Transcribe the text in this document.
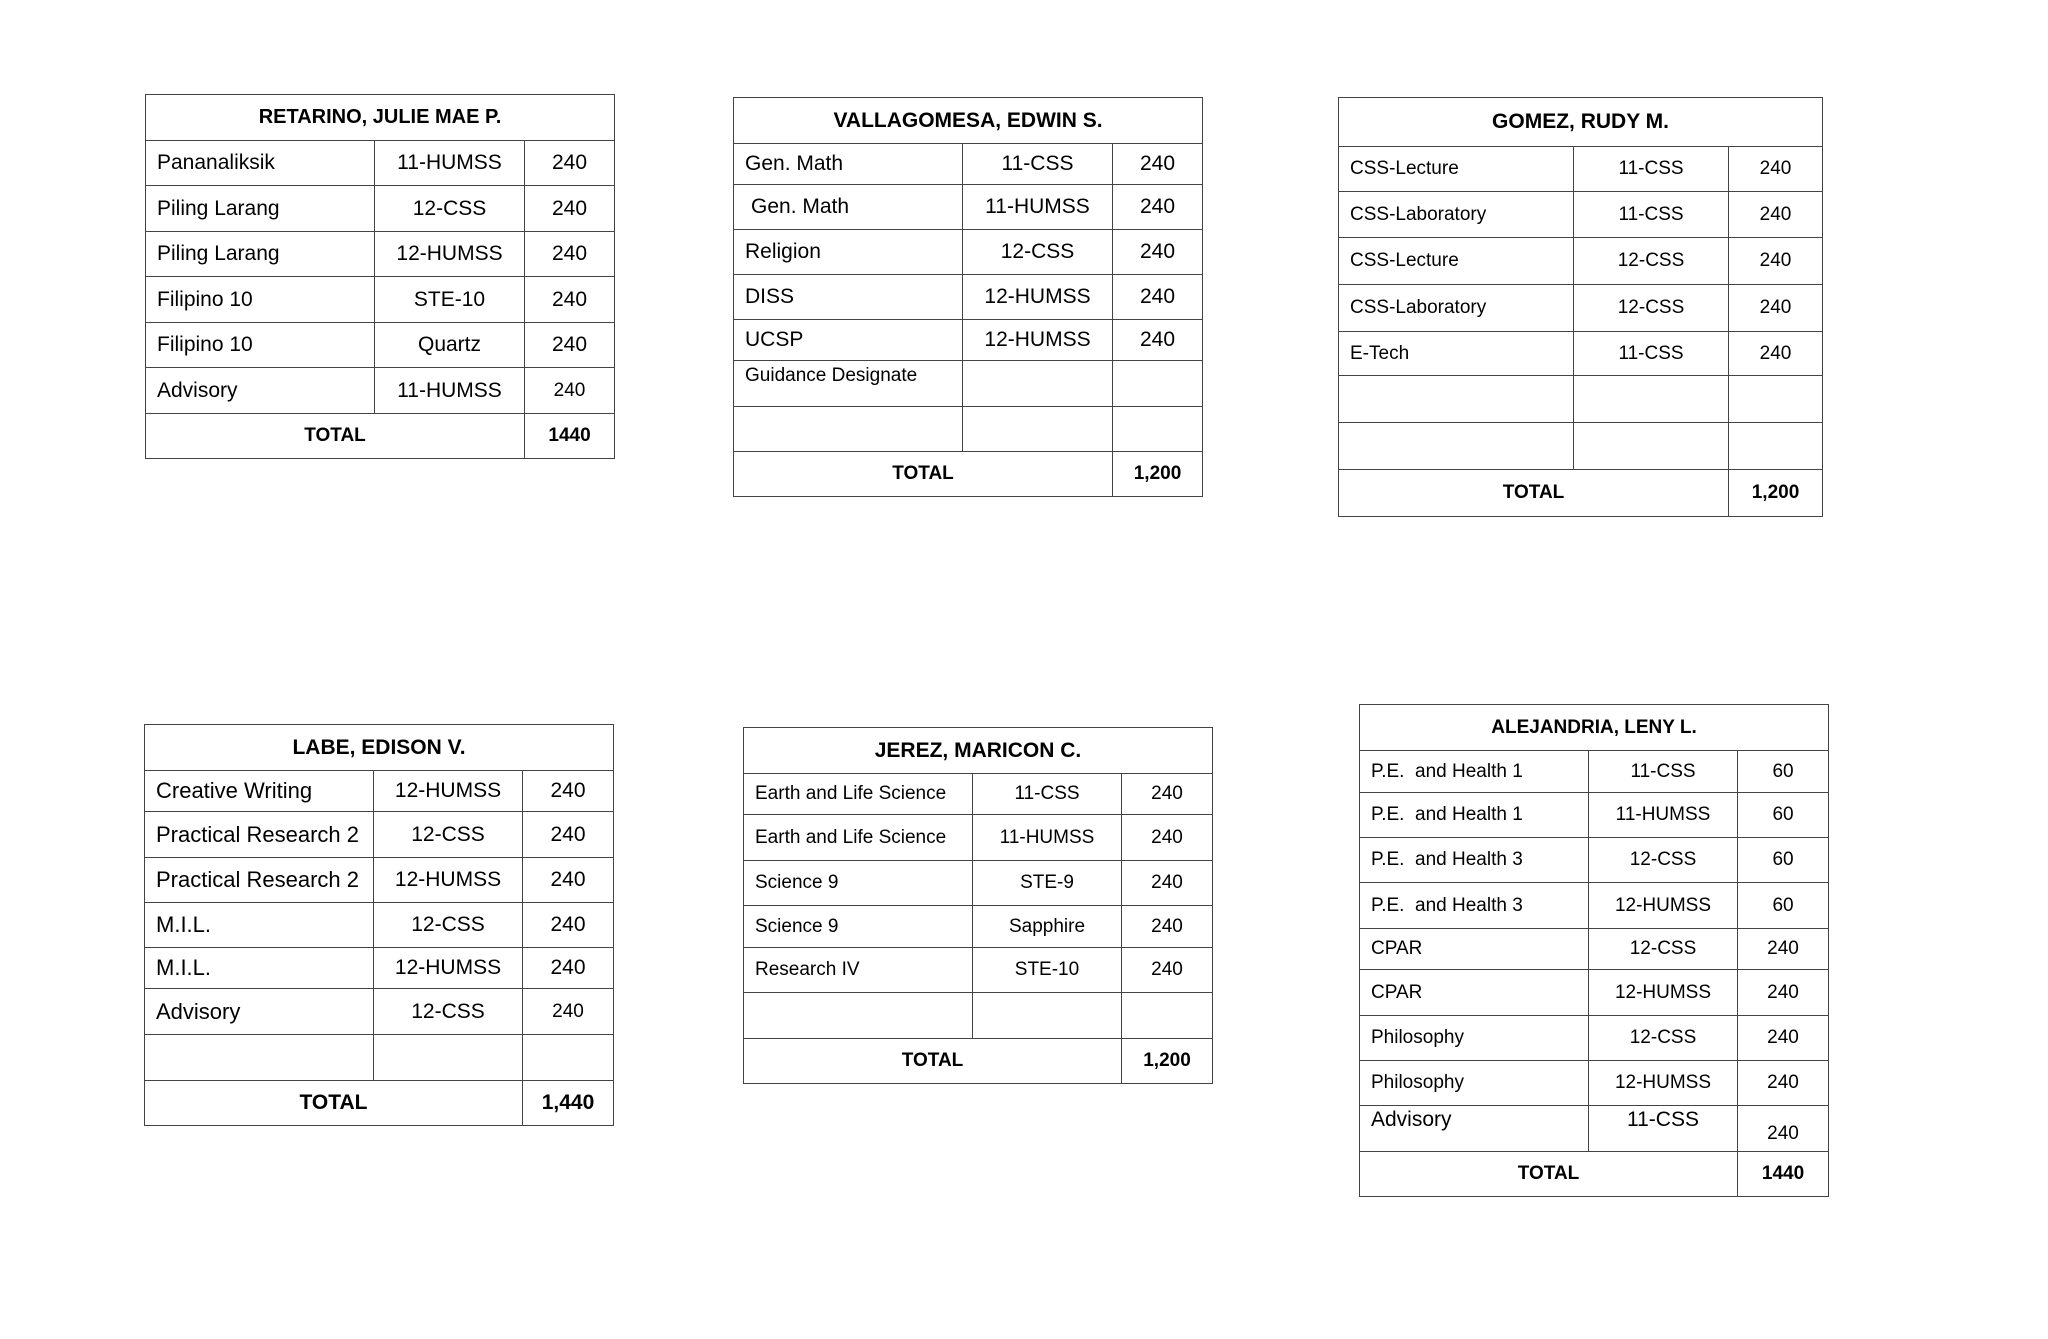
RETARINO, JULIE MAE P.		
Pananaliksik	11-HUMSS	240
Piling Larang	12-CSS	240
Piling Larang	12-HUMSS	240
Filipino 10	STE-10	240
Filipino 10	Quartz	240
Advisory	11-HUMSS	240
TOTAL		1440
VALLAGOMESA, EDWIN S.		
Gen. Math	11-CSS	240
Gen. Math	11-HUMSS	240
Religion	12-CSS	240
DISS	12-HUMSS	240
UCSP	12-HUMSS	240
Guidance Designate		

TOTAL		1,200
GOMEZ, RUDY M.		
CSS-Lecture	11-CSS	240
CSS-Laboratory	11-CSS	240
CSS-Lecture	12-CSS	240
CSS-Laboratory	12-CSS	240
E-Tech	11-CSS	240

TOTAL		1,200
LABE, EDISON V.		
Creative Writing	12-HUMSS	240
Practical Research 2	12-CSS	240
Practical Research 2	12-HUMSS	240
M.I.L.	12-CSS	240
M.I.L.	12-HUMSS	240
Advisory	12-CSS	240

TOTAL		1,440
JEREZ, MARICON C.		
Earth and Life Science	11-CSS	240
Earth and Life Science	11-HUMSS	240
Science 9	STE-9	240
Science 9	Sapphire	240
Research IV	STE-10	240

TOTAL		1,200
ALEJANDRIA, LENY L.		
P.E.  and Health 1	11-CSS	60
P.E.  and Health 1	11-HUMSS	60
P.E.  and Health 3	12-CSS	60
P.E.  and Health 3	12-HUMSS	60
CPAR	12-CSS	240
CPAR	12-HUMSS	240
Philosophy	12-CSS	240
Philosophy	12-HUMSS	240
Advisory	11-CSS	240
TOTAL		1440
